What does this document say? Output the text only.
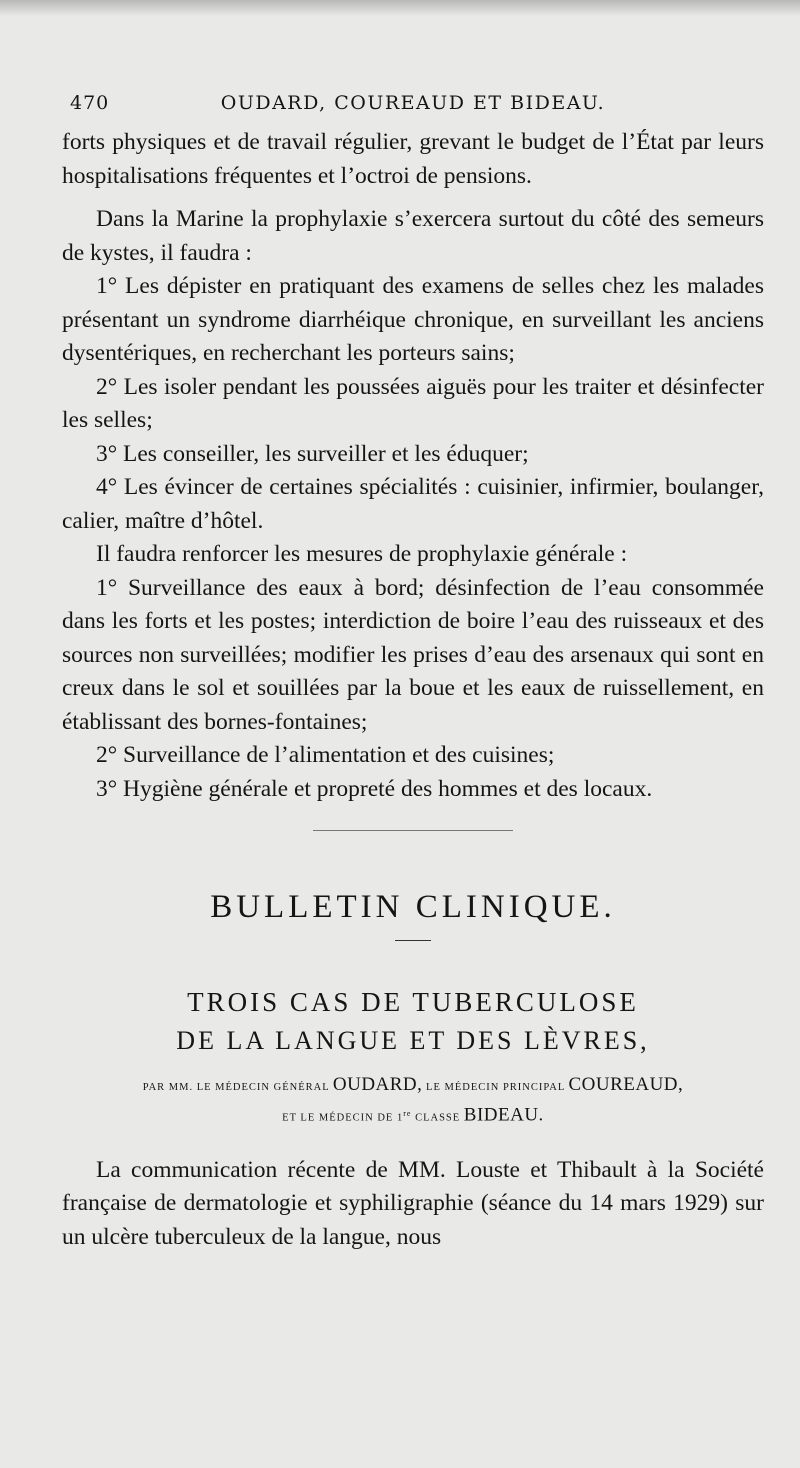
470	OUDARD, COUREAUD ET BIDEAU.

forts physiques et de travail régulier, grevant le budget de l’État par leurs hospitalisations fréquentes et l’octroi de pensions.

Dans la Marine la prophylaxie s’exercera surtout du côté des semeurs de kystes, il faudra :

1° Les dépister en pratiquant des examens de selles chez les malades présentant un syndrome diarrhéique chronique, en surveillant les anciens dysentériques, en recherchant les porteurs sains;

2° Les isoler pendant les poussées aiguës pour les traiter et désinfecter les selles;

3° Les conseiller, les surveiller et les éduquer;

4° Les évincer de certaines spécialités : cuisinier, infirmier, boulanger, calier, maître d’hôtel.

Il faudra renforcer les mesures de prophylaxie générale :

1° Surveillance des eaux à bord; désinfection de l’eau consommée dans les forts et les postes; interdiction de boire l’eau des ruisseaux et des sources non surveillées; modifier les prises d’eau des arsenaux qui sont en creux dans le sol et souillées par la boue et les eaux de ruissellement, en établissant des bornes-fontaines;

2° Surveillance de l’alimentation et des cuisines;

3° Hygiène générale et propreté des hommes et des locaux.

BULLETIN CLINIQUE.
TROIS CAS DE TUBERCULOSE
DE LA LANGUE ET DES LÈVRES,
PAR MM. LE MÉDECIN GÉNÉRAL OUDARD, LE MÉDECIN PRINCIPAL COUREAUD,
ET LE MÉDECIN DE 1re CLASSE BIDEAU.

La communication récente de MM. Louste et Thibault à la Société française de dermatologie et syphiligraphie (séance du 14 mars 1929) sur un ulcère tuberculeux de la langue, nous
